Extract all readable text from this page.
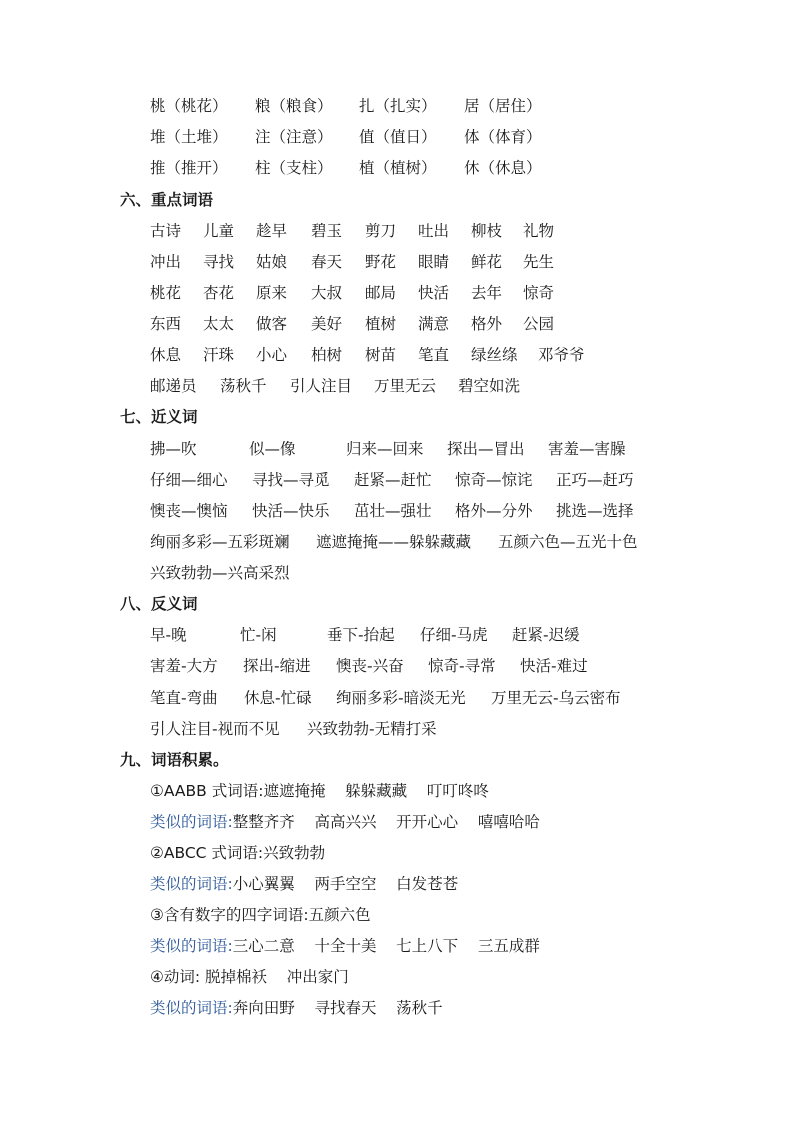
桃（桃花） 粮（粮食） 扎（扎实） 居（居住）
堆（土堆） 注（注意） 值（值日） 体（体育）
推（推开） 柱（支柱） 植（植树） 休（休息）
六、重点词语
古诗 儿童 趁早 碧玉 剪刀 吐出 柳枝 礼物
冲出 寻找 姑娘 春天 野花 眼睛 鲜花 先生
桃花 杏花 原来 大叔 邮局 快活 去年 惊奇
东西 太太 做客 美好 植树 满意 格外 公园
休息 汗珠 小心 柏树 树苗 笔直 绿丝绦 邓爷爷
邮递员 荡秋千 引人注目 万里无云 碧空如洗
七、近义词
拂—吹	似—像	归来—回来 探出—冒出 害羞—害臊
仔细—细心 寻找—寻觅 赶紧—赶忙 惊奇—惊诧 正巧—赶巧
懊丧—懊恼 快活—快乐 茁壮—强壮 格外—分外 挑选—选择
绚丽多彩—五彩斑斓 遮遮掩掩——躲躲藏藏 五颜六色—五光十色
兴致勃勃—兴高采烈
八、反义词
早-晚	忙-闲	垂下-抬起 仔细-马虎 赶紧-迟缓
害羞-大方 探出-缩进 懊丧-兴奋 惊奇-寻常 快活-难过
笔直-弯曲 休息-忙碌 绚丽多彩-暗淡无光 万里无云-乌云密布
引人注目-视而不见 兴致勃勃-无精打采
九、词语积累。
①AABB 式词语:遮遮掩掩    躲躲藏藏    叮叮咚咚
类似的词语:整整齐齐    高高兴兴    开开心心    嘻嘻哈哈
②ABCC 式词语:兴致勃勃
类似的词语:小心翼翼    两手空空    白发苍苍
③含有数字的四字词语:五颜六色
类似的词语:三心二意    十全十美    七上八下    三五成群
④动词: 脱掉棉袄    冲出家门
类似的词语:奔向田野    寻找春天    荡秋千
